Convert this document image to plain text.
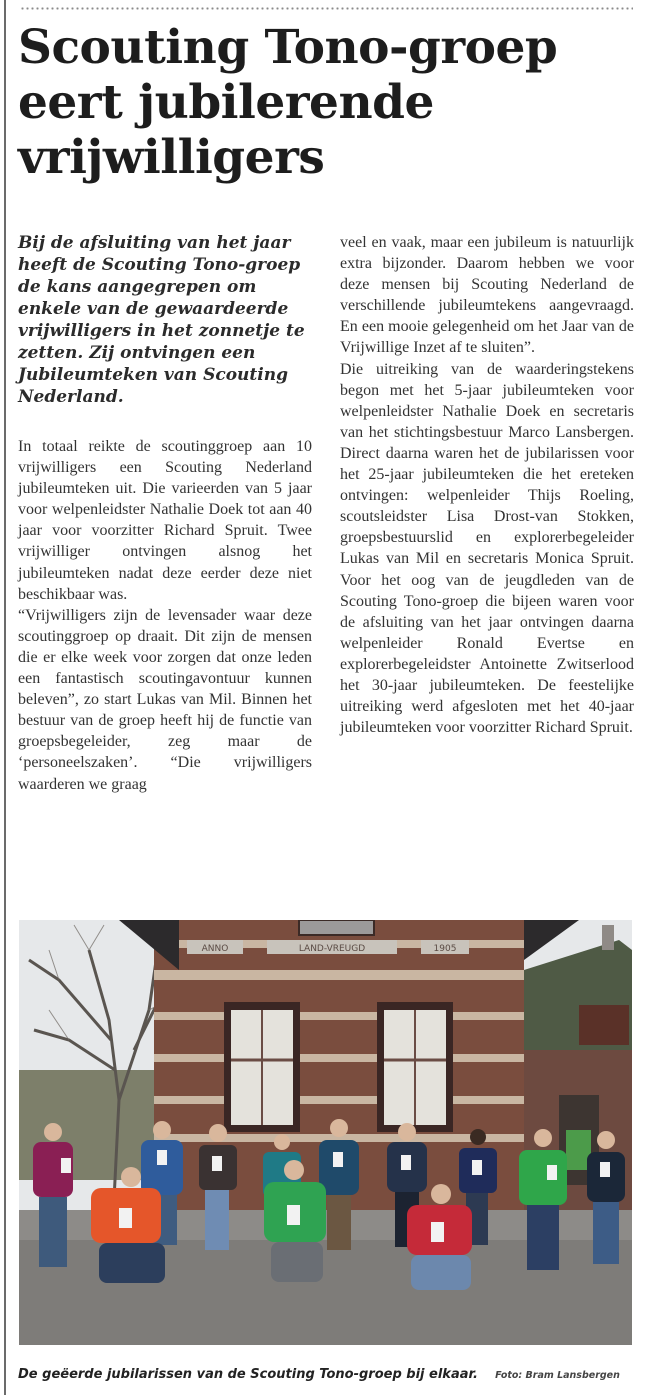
Scouting Tono-groep eert jubilerende vrijwilligers

Bij de afsluiting van het jaar heeft de Scouting Tono-groep de kans aangegrepen om enkele van de gewaardeerde vrijwilligers in het zonnetje te zetten. Zij ontvingen een Jubileumteken van Scouting Nederland.

In totaal reikte de scoutinggroep aan 10 vrijwilligers een Scouting Nederland jubileumteken uit. Die varieerden van 5 jaar voor welpenleidster Nathalie Doek tot aan 40 jaar voor voorzitter Richard Spruit. Twee vrijwilliger ontvingen alsnog het jubileumteken nadat deze eerder deze niet beschikbaar was.

“Vrijwilligers zijn de levensader waar deze scoutinggroep op draait. Dit zijn de mensen die er elke week voor zorgen dat onze leden een fantastisch scoutingavontuur kunnen beleven”, zo start Lukas van Mil. Binnen het bestuur van de groep heeft hij de functie van groepsbegeleider, zeg maar de ‘personeelszaken’. “Die vrijwilligers waarderen we graag

veel en vaak, maar een jubileum is natuurlijk extra bijzonder. Daarom hebben we voor deze mensen bij Scouting Nederland de verschillende jubileumtekens aangevraagd. En een mooie gelegenheid om het Jaar van de Vrijwillige Inzet af te sluiten”.

Die uitreiking van de waarderingstekens begon met het 5-jaar jubileumteken voor welpenleidster Nathalie Doek en secretaris van het stichtingsbestuur Marco Lansbergen. Direct daarna waren het de jubilarissen voor het 25-jaar jubileumteken die het ereteken ontvingen: welpenleider Thijs Roeling, scoutsleidster Lisa Drost-van Stokken, groepsbestuurslid en explorerbegeleider Lukas van Mil en secretaris Monica Spruit. Voor het oog van de jeugdleden van de Scouting Tono-groep die bijeen waren voor de afsluiting van het jaar ontvingen daarna welpenleider Ronald Evertse en explorerbegeleidster Antoinette Zwitserlood het 30-jaar jubileumteken. De feestelijke uitreiking werd afgesloten met het 40-jaar jubileumteken voor voorzitter Richard Spruit.

ANNO	LAND-VREUGD	1905
De geëerde jubilarissen van de Scouting Tono-groep bij elkaar. Foto: Bram Lansbergen
